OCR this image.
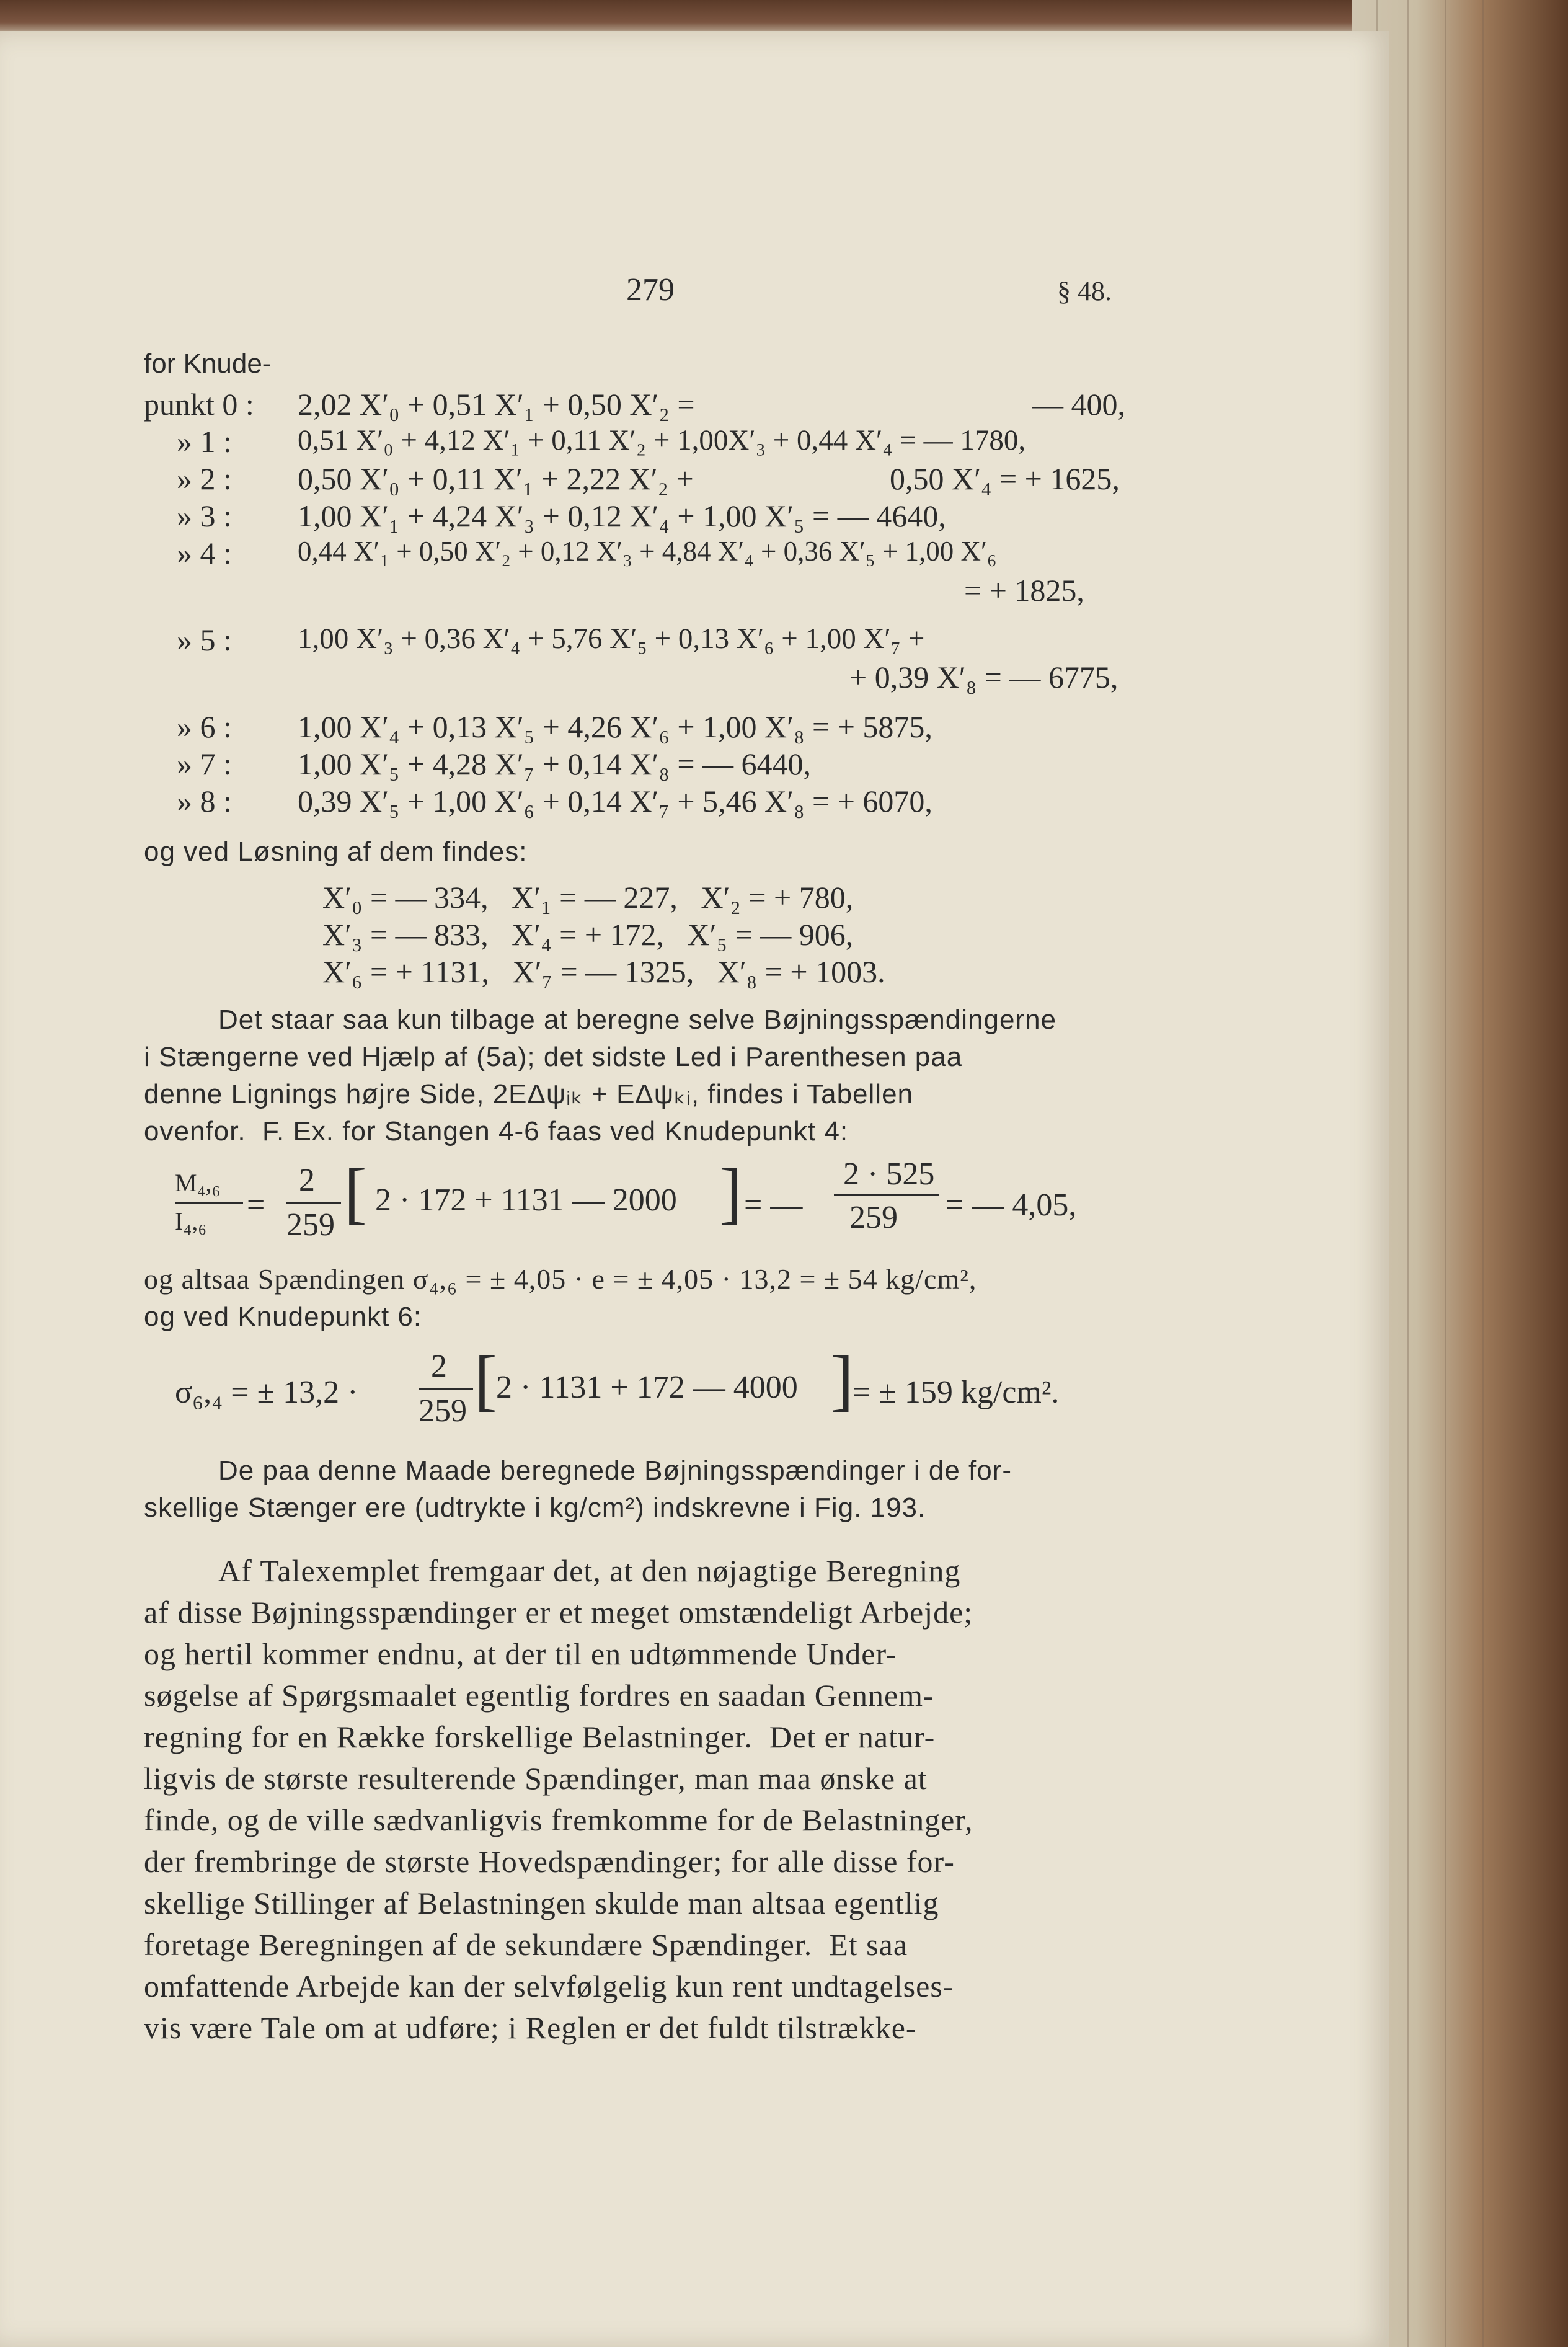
279	§ 48.
for Knude-
punkt 0 : 2,02 X′₀ + 0,51 X′₁ + 0,50 X′₂ =	— 400,
» 1 : 0,51 X′₀ + 4,12 X′₁ + 0,11 X′₂ + 1,00X′₃ + 0,44 X′₄ = — 1780,
» 2 : 0,50 X′₀ + 0,11 X′₁ + 2,22 X′₂ +	0,50 X′₄ = + 1625,
» 3 : 1,00 X′₁ + 4,24 X′₃ + 0,12 X′₄ + 1,00 X′₅ = — 4640,
» 4 : 0,44 X′₁ + 0,50 X′₂ + 0,12 X′₃ + 4,84 X′₄ + 0,36 X′₅ + 1,00 X′₆
= + 1825,
» 5 : 1,00 X′₃ + 0,36 X′₄ + 5,76 X′₅ + 0,13 X′₆ + 1,00 X′₇ +
+ 0,39 X′₈ = — 6775,
» 6 : 1,00 X′₄ + 0,13 X′₅ + 4,26 X′₆ + 1,00 X′₈ = + 5875,
» 7 : 1,00 X′₅ + 4,28 X′₇ + 0,14 X′₈ = — 6440,
» 8 : 0,39 X′₅ + 1,00 X′₆ + 0,14 X′₇ + 5,46 X′₈ = + 6070,
og ved Løsning af dem findes:
X′₀ = — 334,   X′₁ = — 227,   X′₂ = + 780,
X′₃ = — 833,   X′₄ = + 172,   X′₅ = — 906,
X′₆ = + 1131,   X′₇ = — 1325,   X′₈ = + 1003.
Det staar saa kun tilbage at beregne selve Bøjningsspændingerne
i Stængerne ved Hjælp af (5a); det sidste Led i Parenthesen paa
denne Lignings højre Side, 2EΔψᵢₖ + EΔψₖᵢ, findes i Tabellen
ovenfor.  F. Ex. for Stangen 4-6 faas ved Knudepunkt 4:
M₄,₆
I₄,₆ =
2
259 [ 2 · 172 + 1131 — 2000 ] = —
2 · 525
259 = — 4,05,
og altsaa Spændingen σ₄,₆ = ± 4,05 · e = ± 4,05 · 13,2 = ± 54 kg/cm²,
og ved Knudepunkt 6:
σ₆,₄ = ± 13,2 ·
2
259 [
2 · 1131 + 172 — 4000 ]
= ± 159 kg/cm².
De paa denne Maade beregnede Bøjningsspændinger i de for-
skellige Stænger ere (udtrykte i kg/cm²) indskrevne i Fig. 193.
Af Talexemplet fremgaar det, at den nøjagtige Beregning
af disse Bøjningsspændinger er et meget omstændeligt Arbejde;
og hertil kommer endnu, at der til en udtømmende Under-
søgelse af Spørgsmaalet egentlig fordres en saadan Gennem-
regning for en Række forskellige Belastninger.  Det er natur-
ligvis de største resulterende Spændinger, man maa ønske at
finde, og de ville sædvanligvis fremkomme for de Belastninger,
der frembringe de største Hovedspændinger; for alle disse for-
skellige Stillinger af Belastningen skulde man altsaa egentlig
foretage Beregningen af de sekundære Spændinger.  Et saa
omfattende Arbejde kan der selvfølgelig kun rent undtagelses-
vis være Tale om at udføre; i Reglen er det fuldt tilstrække-
